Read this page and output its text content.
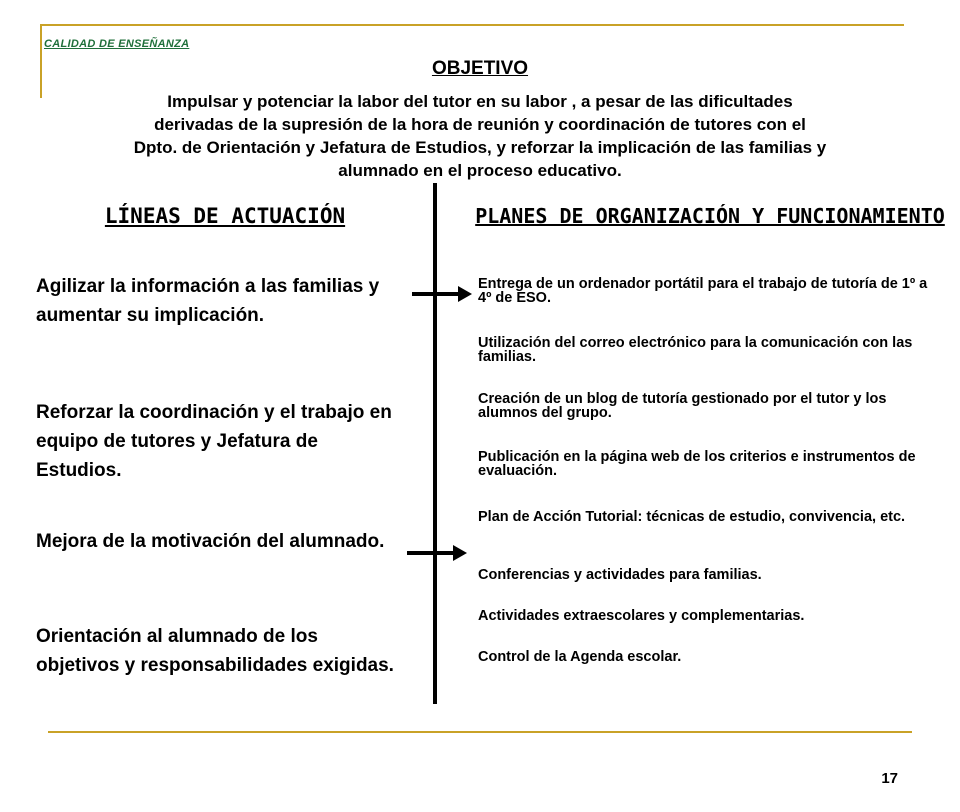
CALIDAD DE ENSEÑANZA
OBJETIVO
Impulsar y potenciar la labor del tutor en su labor , a pesar de las dificultades
derivadas de la supresión de la hora de reunión y coordinación de tutores con el
Dpto. de Orientación y Jefatura de Estudios, y reforzar la implicación de las familias y
alumnado en el proceso educativo.
LÍNEAS DE ACTUACIÓN	PLANES DE ORGANIZACIÓN Y FUNCIONAMIENTO
Agilizar la información a las familias y aumentar su implicación.
Reforzar la coordinación y el trabajo en equipo de tutores y Jefatura de Estudios.
Mejora de la motivación del alumnado.
Orientación al alumnado de los objetivos y responsabilidades exigidas.
Entrega de un ordenador portátil para el trabajo de tutoría de 1º a 4º de ESO.
Utilización del correo electrónico para la comunicación con las familias.
Creación de un blog de tutoría gestionado por el tutor y los alumnos del grupo.
Publicación en la página web de los criterios e instrumentos de evaluación.
Plan de Acción Tutorial: técnicas de estudio, convivencia, etc.
Conferencias y actividades para familias.
Actividades extraescolares y complementarias.
Control de la Agenda escolar.
17
